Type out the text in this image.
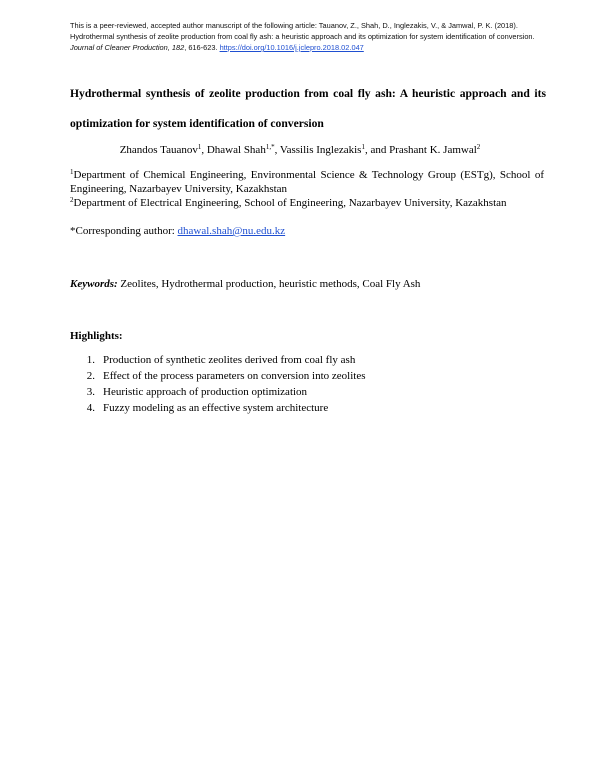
This is a peer-reviewed, accepted author manuscript of the following article: Tauanov, Z., Shah, D., Inglezakis, V., & Jamwal, P. K. (2018). Hydrothermal synthesis of zeolite production from coal fly ash: a heuristic approach and its optimization for system identification of conversion. Journal of Cleaner Production, 182, 616-623. https://doi.org/10.1016/j.jclepro.2018.02.047
Hydrothermal synthesis of zeolite production from coal fly ash: A heuristic approach and its optimization for system identification of conversion
Zhandos Tauanov$^1$, Dhawal Shah$^{1,*}$, Vassilis Inglezakis$^1$, and Prashant K. Jamwal$^2$

$^1$Department of Chemical Engineering, Environmental Science & Technology Group (ESTg), School of Engineering, Nazarbayev University, Kazakhstan

$^2$Department of Electrical Engineering, School of Engineering, Nazarbayev University, Kazakhstan

*Corresponding author: dhawal.shah@nu.edu.kz
Keywords: Zeolites, Hydrothermal production, heuristic methods, Coal Fly Ash
Highlights:
1. Production of synthetic zeolites derived from coal fly ash
2. Effect of the process parameters on conversion into zeolites
3. Heuristic approach of production optimization
4. Fuzzy modeling as an effective system architecture
